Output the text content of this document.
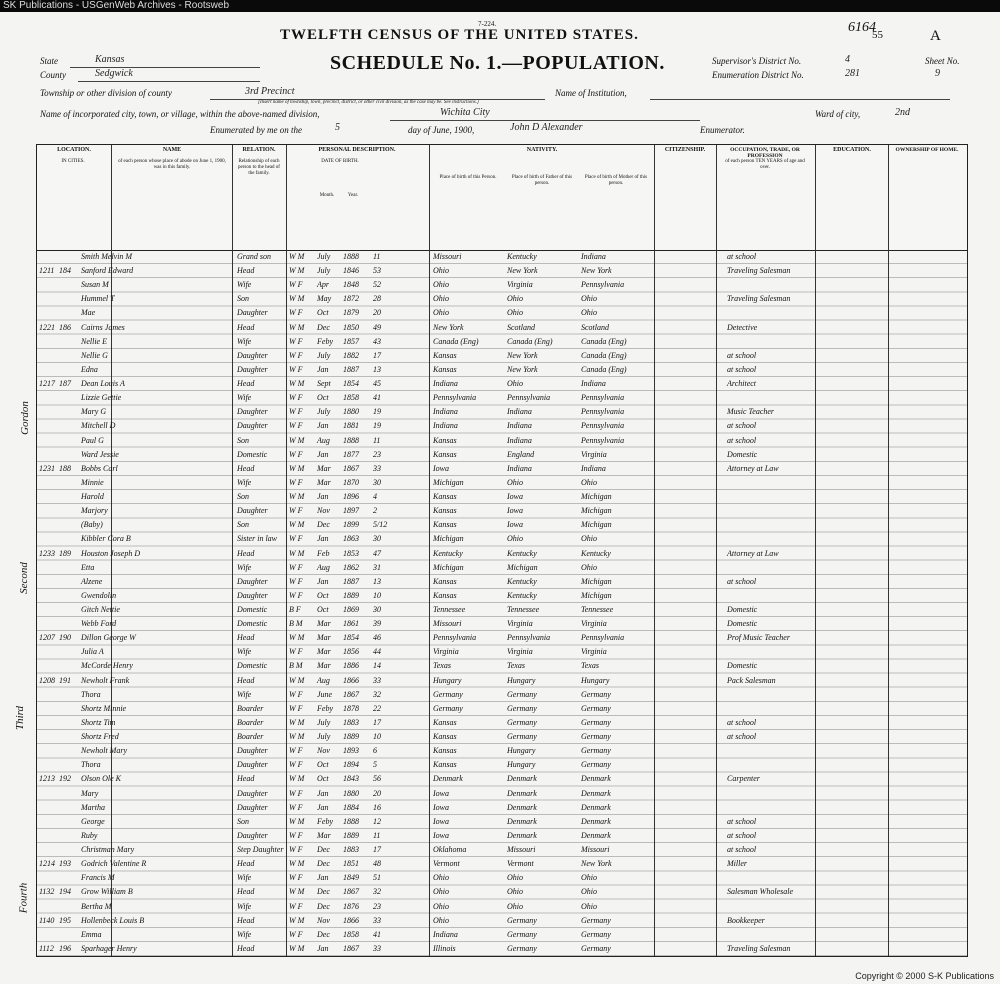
SK Publications - USGenWeb Archives - Rootsweb
7-224.
TWELFTH CENSUS OF THE UNITED STATES.	6164
55	A
SCHEDULE No. 1.—POPULATION.
State	Kansas
County	Sedgwick
Supervisor's District No.	4	Sheet No.
Enumeration District No.	281	9
Township or other division of county	3rd Precinct
[Insert name of township, town, precinct, district, or other civil division, as the case may be. See instructions.]
Name of Institution,
Name of incorporated city, town, or village, within the above-named division,	Wichita City	Ward of city,	2nd
Enumerated by me on the	5	day of June, 1900,	John D Alexander	Enumerator.
LOCATION.
IN CITIES.
NAME
of each person whose place of abode on June 1, 1900, was in this family.
RELATION.
Relationship of each person to the head of the family.
PERSONAL DESCRIPTION.
DATE OF BIRTH.
Month.	Year.
NATIVITY.
Place of birth of this Person.	Place of birth of Father of this person.
Place of birth of Mother of this person.
CITIZENSHIP.	OCCUPATION, TRADE, OR PROFESSION
of each person TEN YEARS of age and over.
EDUCATION.	OWNERSHIP OF HOME.
Smith Melvin M	Grand son W M July 1888 11	Missouri	Kentucky	Indiana	at school
1211 184 Sanford Edward	Head	W M July 1846 53	Ohio	New York	New York	Traveling Salesman
Susan M	Wife	W F Apr 1848 52	Ohio	Virginia	Pennsylvania
Hummel T	Son	W M May 1872 28	Ohio	Ohio	Ohio	Traveling Salesman
Mae	Daughter	W F Oct 1879 20	Ohio	Ohio	Ohio
1221 186 Cairns James	Head	W M Dec 1850 49	New York	Scotland	Scotland	Detective
Nellie E	Wife	W F Feby 1857 43	Canada (Eng)	Canada (Eng)	Canada (Eng)
Nellie G	Daughter	W F July 1882 17	Kansas	New York	Canada (Eng)	at school
Edna	Daughter	W F Jan 1887 13	Kansas	New York	Canada (Eng)	at school
1217 187 Dean Louis A	Head	W M Sept 1854 45	Indiana	Ohio	Indiana	Architect
Lizzie Gettie	Wife	W F Oct 1858 41	Pennsylvania	Pennsylvania	Pennsylvania
Mary G	Daughter	W F July 1880 19	Indiana	Indiana	Pennsylvania	Music Teacher
Mitchell D	Daughter	W F Jan 1881 19	Indiana	Indiana	Pennsylvania	at school
Paul G	Son	W M Aug 1888 11	Kansas	Indiana	Pennsylvania	at school
Ward Jessie	Domestic	W F Jan 1877 23	Kansas	England	Virginia	Domestic
1231 188 Bobbs Carl	Head	W M Mar 1867 33	Iowa	Indiana	Indiana	Attorney at Law
Minnie	Wife	W F Mar 1870 30	Michigan	Ohio	Ohio
Harold	Son	W M Jan 1896 4	Kansas	Iowa	Michigan
Marjory	Daughter	W F Nov 1897 2	Kansas	Iowa	Michigan
(Baby)	Son	W M Dec 1899 5/12	Kansas	Iowa	Michigan
Kibbler Cora B	Sister in law W F Jan 1863 30	Michigan	Ohio	Ohio
1233 189 Houston Joseph D	Head	W M Feb 1853 47	Kentucky	Kentucky	Kentucky	Attorney at Law
Etta	Wife	W F Aug 1862 31	Michigan	Michigan	Ohio
Alzene	Daughter	W F Jan 1887 13	Kansas	Kentucky	Michigan	at school
Gwendolin	Daughter	W F Oct 1889 10	Kansas	Kentucky	Michigan
Gitch Nettie	Domestic	B F Oct 1869 30	Tennessee	Tennessee	Tennessee	Domestic
Webb Ford	Domestic	B M Mar 1861 39	Missouri	Virginia	Virginia	Domestic
1207 190 Dillon George W	Head	W M Mar 1854 46	Pennsylvania	Pennsylvania	Pennsylvania	Prof Music Teacher
Julia A	Wife	W F Mar 1856 44	Virginia	Virginia	Virginia
McCorde Henry	Domestic	B M Mar 1886 14	Texas	Texas	Texas	Domestic
1208 191 Newholt Frank	Head	W M Aug 1866 33	Hungary	Hungary	Hungary	Pack Salesman
Thora	Wife	W F June 1867 32	Germany	Germany	Germany
Shortz Minnie	Boarder	W F Feby 1878 22	Germany	Germany	Germany
Shortz Tim	Boarder	W M July 1883 17	Kansas	Germany	Germany	at school
Shortz Fred	Boarder	W M July 1889 10	Kansas	Germany	Germany	at school
Newholt Mary	Daughter	W F Nov 1893 6	Kansas	Hungary	Germany
Thora	Daughter	W F Oct 1894 5	Kansas	Hungary	Germany
1213 192 Olson Ole K	Head	W M Oct 1843 56	Denmark	Denmark	Denmark	Carpenter
Mary	Daughter	W F Jan 1880 20	Iowa	Denmark	Denmark
Martha	Daughter	W F Jan 1884 16	Iowa	Denmark	Denmark
George	Son	W M Feby 1888 12	Iowa	Denmark	Denmark	at school
Ruby	Daughter	W F Mar 1889 11	Iowa	Denmark	Denmark	at school
Christman Mary	Step Daughter W F Dec 1883 17	Oklahoma	Missouri	Missouri	at school
1214 193 Godrich Valentine R	Head	W M Dec 1851 48	Vermont	Vermont	New York	Miller
Francis M	Wife	W F Jan 1849 51	Ohio	Ohio	Ohio
1132 194 Grow William B	Head	W M Dec 1867 32	Ohio	Ohio	Ohio	Salesman Wholesale
Bertha M	Wife	W F Dec 1876 23	Ohio	Ohio	Ohio
1140 195 Hollenbeck Louis B	Head	W M Nov 1866 33	Ohio	Germany	Germany	Bookkeeper
Emma	Wife	W F Dec 1858 41	Indiana	Germany	Germany
1112 196 Sparhager Henry	Head	W M Jan 1867 33	Illinois	Germany	Germany	Traveling Salesman
Gordon
Second
Third
Fourth
Copyright © 2000 S-K Publications
